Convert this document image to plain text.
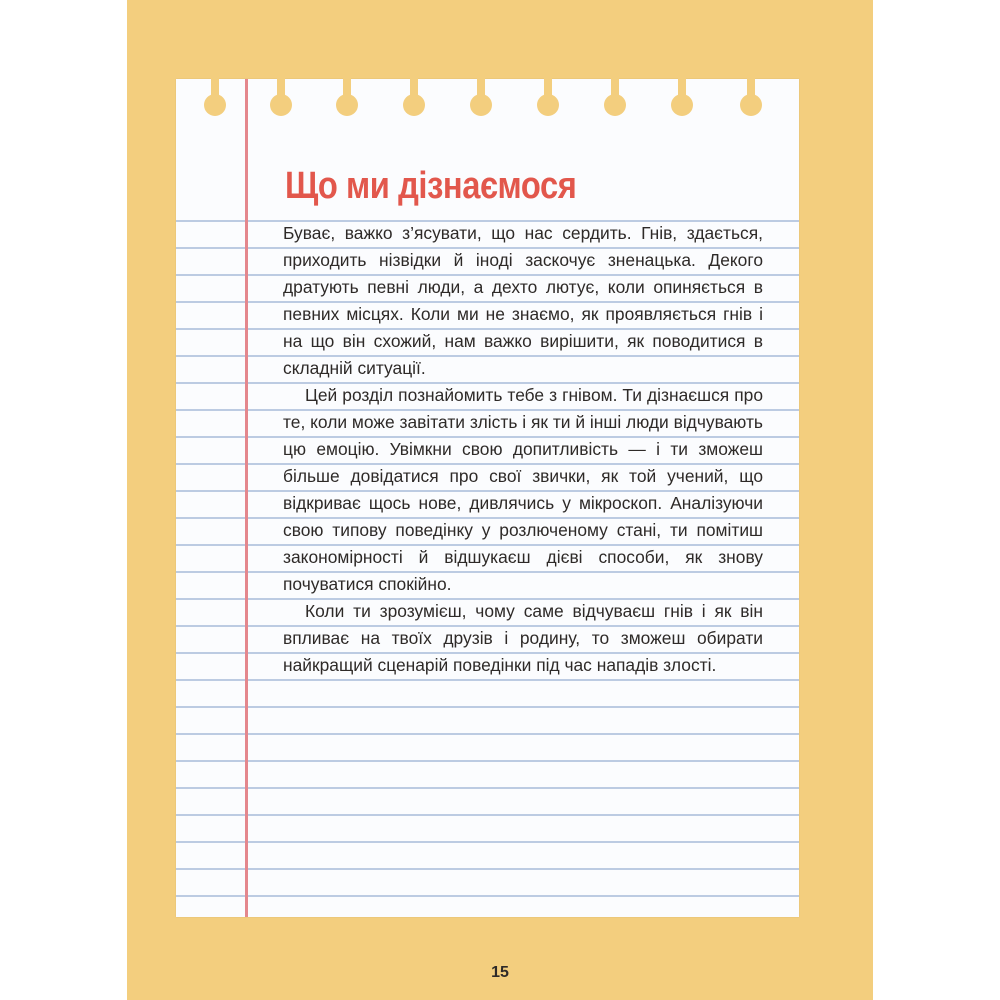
Що ми дізнаємося

Буває, важко з’ясувати, що нас сердить. Гнів, здається, приходить нізвідки й іноді заскочує зненацька. Декого дратують певні люди, а дехто лютує, коли опиняється в певних місцях. Коли ми не знаємо, як проявляється гнів і на що він схожий, нам важко вирішити, як поводитися в складній ситуації.

Цей розділ познайомить тебе з гнівом. Ти дізнаєшся про те, коли може завітати злість і як ти й інші люди відчувають цю емоцію. Увімкни свою допитливість — і ти зможеш більше довідатися про свої звички, як той учений, що відкриває щось нове, дивлячись у мікроскоп. Аналізуючи свою типову поведінку у розлюченому стані, ти помітиш закономірності й відшукаєш дієві способи, як знову почуватися спокійно.

Коли ти зрозумієш, чому саме відчуваєш гнів і як він впливає на твоїх друзів і родину, то зможеш обирати найкращий сценарій поведінки під час нападів злості.

15
